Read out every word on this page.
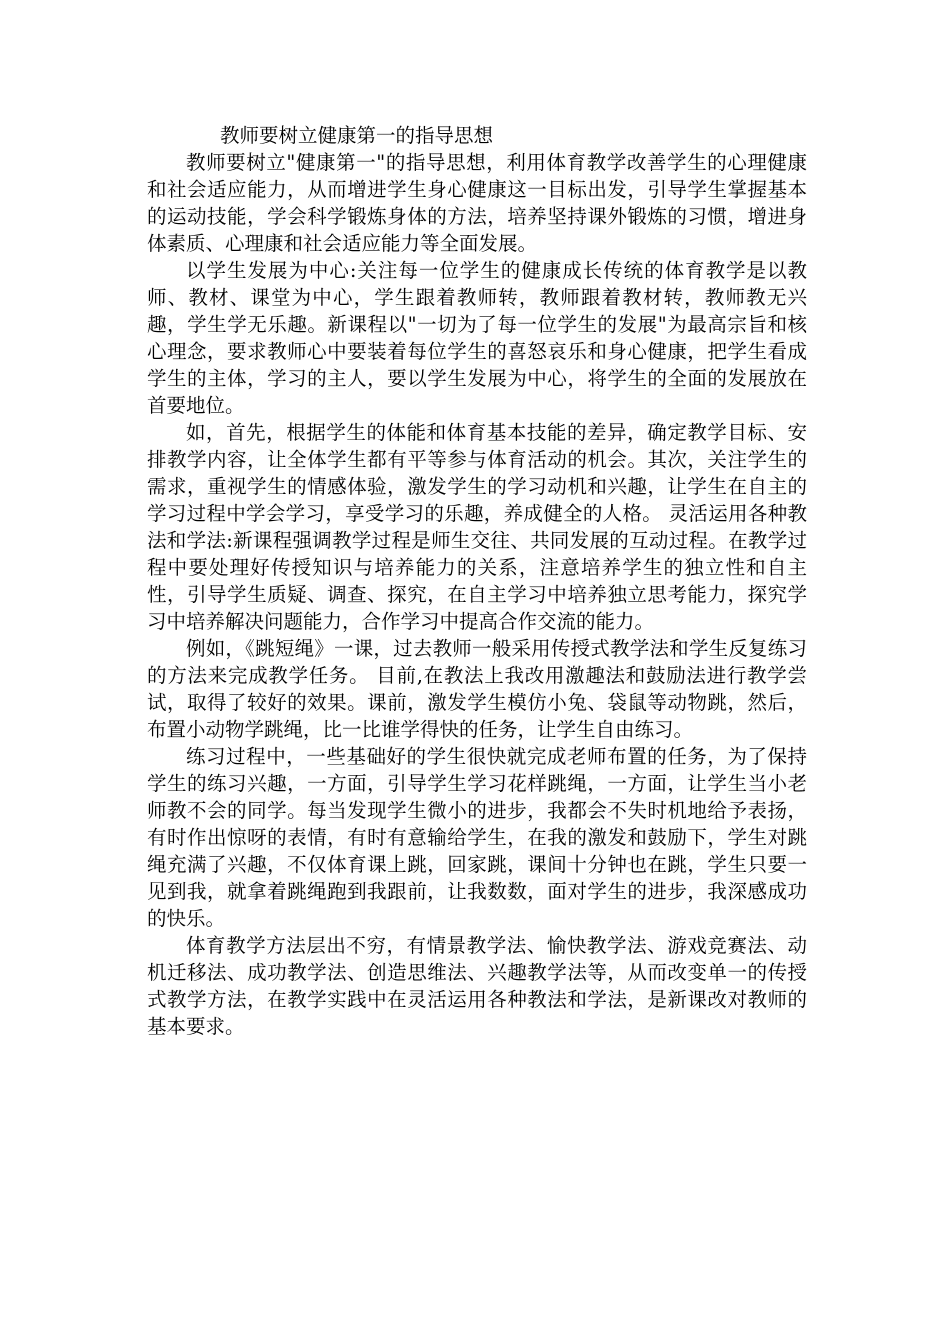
教师要树立健康第一的指导思想

教师要树立"健康第一"的指导思想，利用体育教学改善学生的心理健康和社会适应能力，从而增进学生身心健康这一目标出发，引导学生掌握基本的运动技能，学会科学锻炼身体的方法，培养坚持课外锻炼的习惯，增进身体素质、心理康和社会适应能力等全面发展。

以学生发展为中心:关注每一位学生的健康成长传统的体育教学是以教师、教材、课堂为中心，学生跟着教师转，教师跟着教材转，教师教无兴趣，学生学无乐趣。新课程以"一切为了每一位学生的发展"为最高宗旨和核心理念，要求教师心中要装着每位学生的喜怒哀乐和身心健康，把学生看成学生的主体，学习的主人，要以学生发展为中心，将学生的全面的发展放在首要地位。

如，首先，根据学生的体能和体育基本技能的差异，确定教学目标、安排教学内容，让全体学生都有平等参与体育活动的机会。其次，关注学生的需求，重视学生的情感体验，激发学生的学习动机和兴趣，让学生在自主的学习过程中学会学习，享受学习的乐趣，养成健全的人格。 灵活运用各种教法和学法:新课程强调教学过程是师生交往、共同发展的互动过程。在教学过程中要处理好传授知识与培养能力的关系，注意培养学生的独立性和自主性，引导学生质疑、调查、探究，在自主学习中培养独立思考能力，探究学习中培养解决问题能力，合作学习中提高合作交流的能力。

例如，《跳短绳》一课，过去教师一般采用传授式教学法和学生反复练习的方法来完成教学任务。 目前,在教法上我改用激趣法和鼓励法进行教学尝试，取得了较好的效果。课前，激发学生模仿小兔、袋鼠等动物跳，然后，布置小动物学跳绳，比一比谁学得快的任务，让学生自由练习。

练习过程中，一些基础好的学生很快就完成老师布置的任务，为了保持学生的练习兴趣，一方面，引导学生学习花样跳绳，一方面，让学生当小老师教不会的同学。每当发现学生微小的进步，我都会不失时机地给予表扬，有时作出惊呀的表情，有时有意输给学生，在我的激发和鼓励下，学生对跳绳充满了兴趣，不仅体育课上跳，回家跳，课间十分钟也在跳，学生只要一见到我，就拿着跳绳跑到我跟前，让我数数，面对学生的进步，我深感成功的快乐。

体育教学方法层出不穷，有情景教学法、愉快教学法、游戏竞赛法、动机迁移法、成功教学法、创造思维法、兴趣教学法等，从而改变单一的传授式教学方法，在教学实践中在灵活运用各种教法和学法，是新课改对教师的基本要求。
